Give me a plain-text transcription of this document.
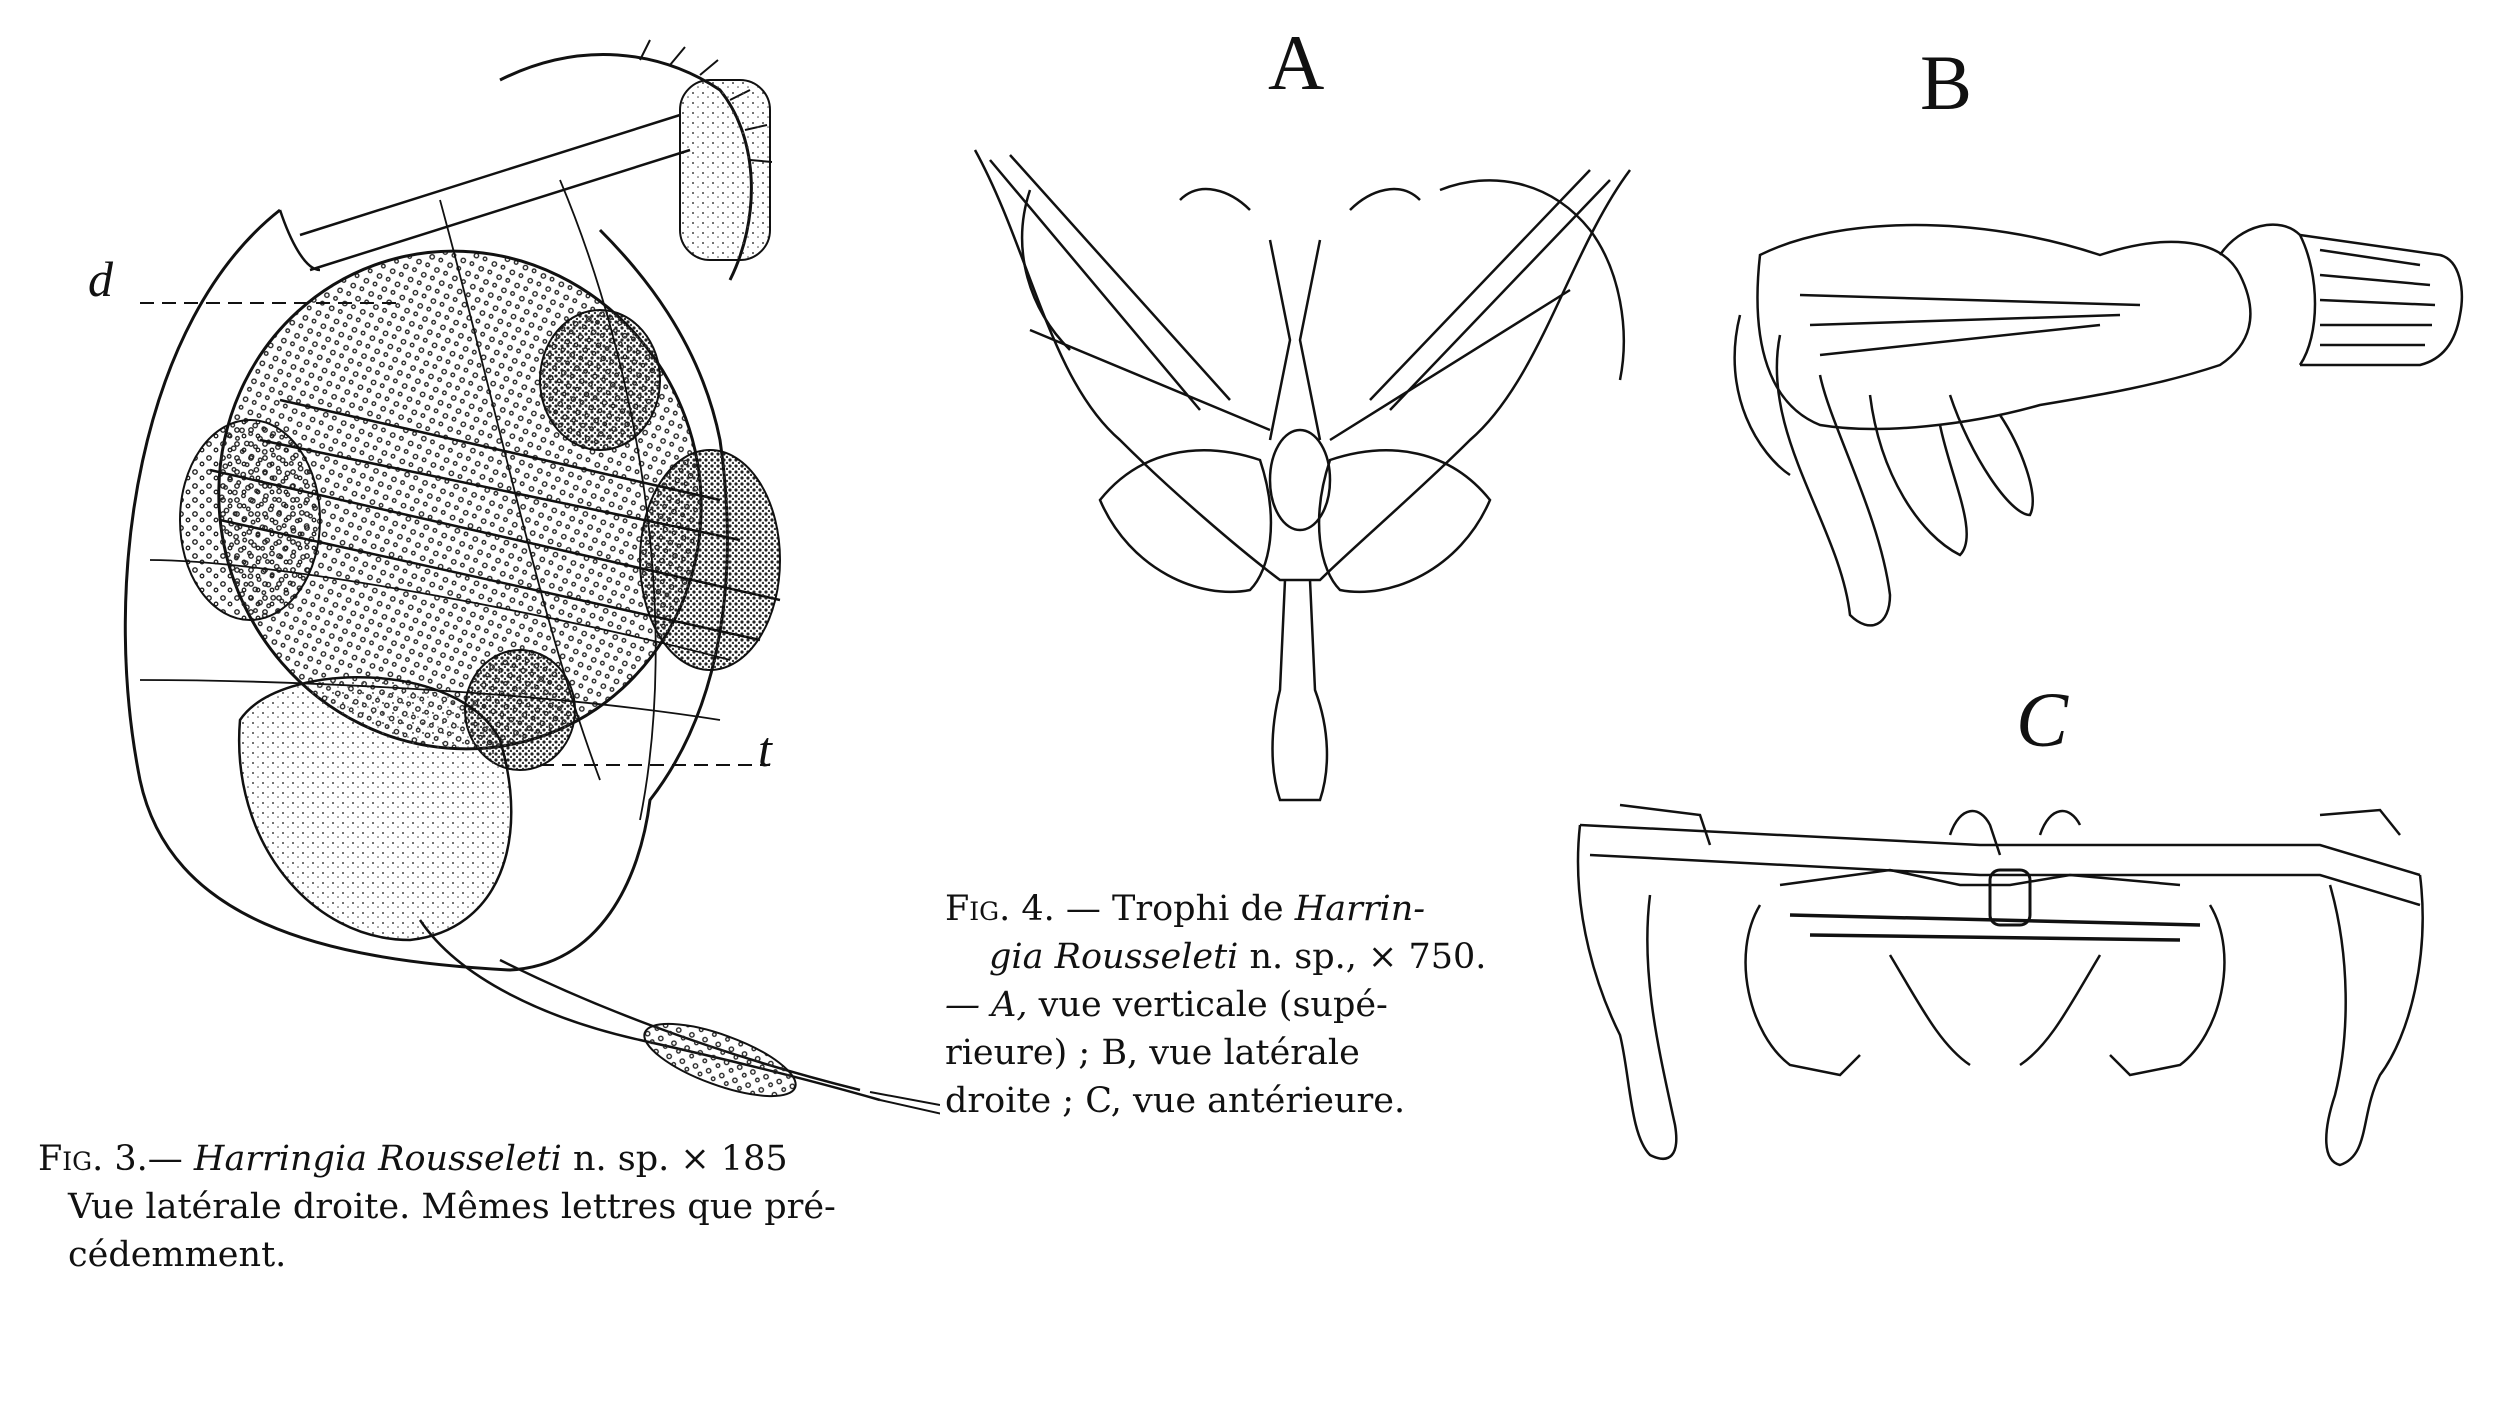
d
t
Fig. 3.— Harringia Rousseleti n. sp. × 185
Vue latérale droite. Mêmes lettres que pré-
cédemment.
A	B
C
Fig. 4. — Trophi de Harrin-
gia Rousseleti n. sp., × 750.
— A, vue verticale (supé-
rieure) ; B, vue latérale
droite ; C, vue antérieure.
